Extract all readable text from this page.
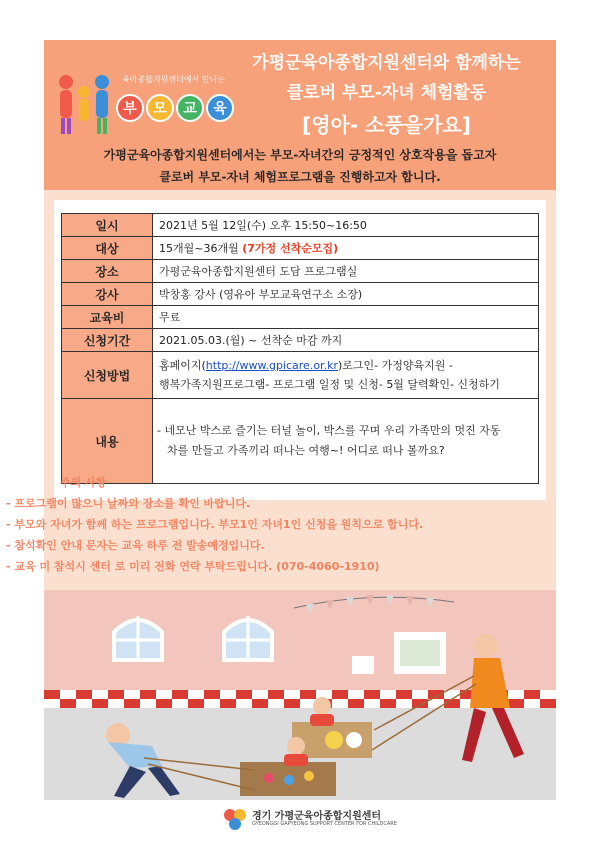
육아종합지원센터에서 만나는
부	모	교	육
가평군육아종합지원센터와 함께하는
클로버 부모-자녀 체험활동
[영아- 소풍을가요]
가평군육아종합지원센터에서는 부모-자녀간의 긍정적인 상호작용을 돕고자
클로버 부모-자녀 체험프로그램을 진행하고자 합니다.
일시	2021년 5월 12일(수) 오후 15:50~16:50
대상	15개월~36개월 (7가정 선착순모집)
장소	가평군육아종합지원센터 도담 프로그램실
강사	박창홍 강사 (영유아 부모교육연구소 소장)
교육비	무료
신청기간	2021.05.03.(월) ~ 선착순 마감 까지
신청방법	홈페이지(http://www.gpicare.or.kr)로그인- 가정양육지원 -
행복가족지원프로그램- 프로그램 일정 및 신청- 5월 달력확인- 신청하기
내용	- 네모난 박스로 즐기는 터널 놀이, 박스를 꾸며 우리 가족만의 멋진 자동
차를 만들고 가족끼리 떠나는 여행~! 어디로 떠나 볼까요?
주의 사항
- 프로그램이 많으니 날짜와 장소를 확인 바랍니다.
- 부모와 자녀가 함께 하는 프로그램입니다. 부모1인 자녀1인 신청을 원칙으로 합니다.
- 참석확인 안내 문자는 교육 하루 전 발송예정입니다.
- 교육 미 참석시 센터 로 미리 전화 연락 부탁드립니다. (070-4060-1910)
경기 가평군육아종합지원센터
GYEONGGI GAPYEONG SUPPORT CENTER FOR CHILDCARE
